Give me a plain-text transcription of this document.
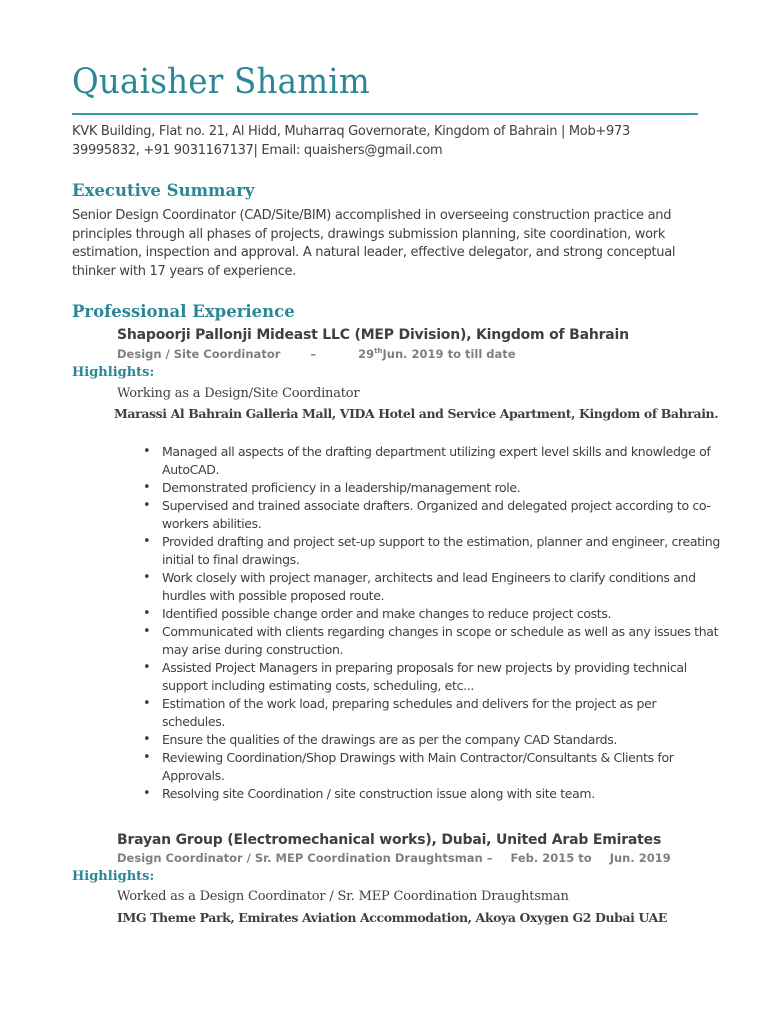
Quaisher Shamim
KVK Building, Flat no. 21, Al Hidd, Muharraq Governorate, Kingdom of Bahrain | Mob+973 39995832, +91 9031167137| Email: quaishers@gmail.com
Executive Summary
Senior Design Coordinator (CAD/Site/BIM) accomplished in overseeing construction practice and principles through all phases of projects, drawings submission planning, site coordination, work estimation, inspection and approval. A natural leader, effective delegator, and strong conceptual thinker with 17 years of experience.
Professional Experience
Shapoorji Pallonji Mideast LLC (MEP Division), Kingdom of Bahrain
Design / Site Coordinator	–	29thJun. 2019 to till date
Highlights:
Working as a Design/Site Coordinator
Marassi Al Bahrain Galleria Mall, VIDA Hotel and Service Apartment, Kingdom of Bahrain.
• Managed all aspects of the drafting department utilizing expert level skills and knowledge of AutoCAD.
• Demonstrated proficiency in a leadership/management role.
• Supervised and trained associate drafters. Organized and delegated project according to co-workers abilities.
• Provided drafting and project set-up support to the estimation, planner and engineer, creating initial to final drawings.
• Work closely with project manager, architects and lead Engineers to clarify conditions and hurdles with possible proposed route.
• Identified possible change order and make changes to reduce project costs.
• Communicated with clients regarding changes in scope or schedule as well as any issues that may arise during construction.
• Assisted Project Managers in preparing proposals for new projects by providing technical support including estimating costs, scheduling, etc...
• Estimation of the work load, preparing schedules and delivers for the project as per schedules.
• Ensure the qualities of the drawings are as per the company CAD Standards.
• Reviewing Coordination/Shop Drawings with Main Contractor/Consultants & Clients for Approvals.
• Resolving site Coordination / site construction issue along with site team.
Brayan Group (Electromechanical works), Dubai, United Arab Emirates
Design Coordinator / Sr. MEP Coordination Draughtsman – Feb. 2015 to Jun. 2019
Highlights:
Worked as a Design Coordinator / Sr. MEP Coordination Draughtsman
IMG Theme Park, Emirates Aviation Accommodation, Akoya Oxygen G2 Dubai UAE
